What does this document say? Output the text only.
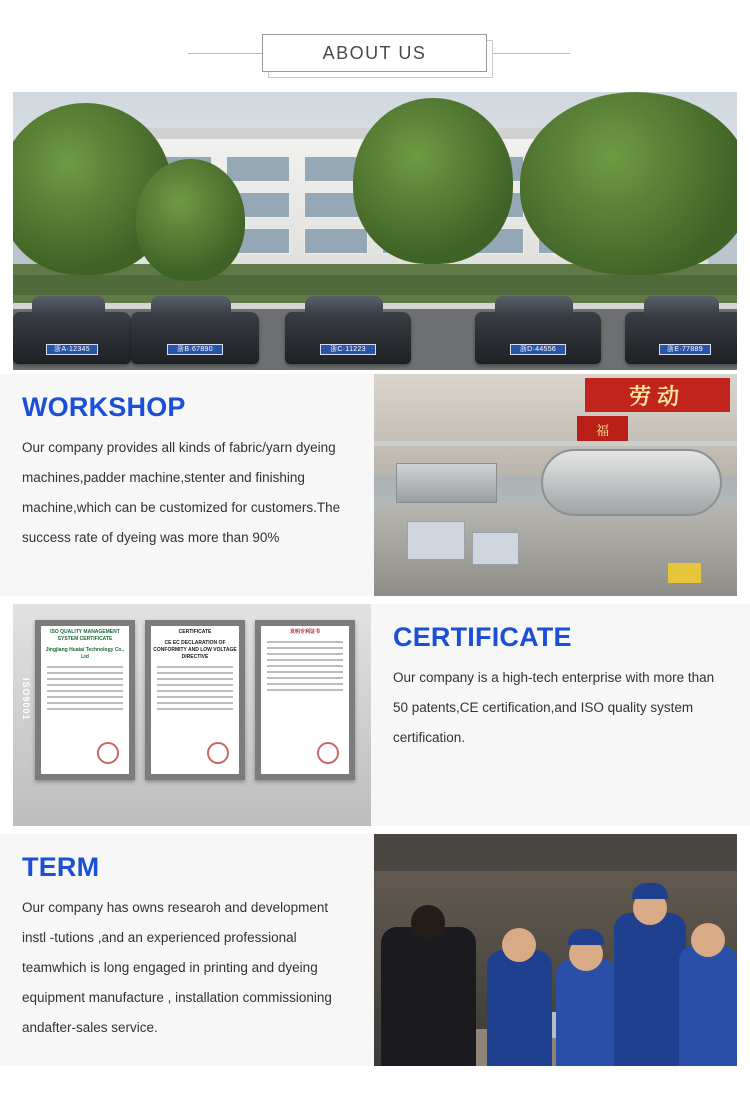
ABOUT US
浙A·12345	浙B·67890	浙C·11223	浙D·44556	浙E·77889
WORKSHOP
Our company provides all kinds of fabric/yarn dyeing machines,padder machine,stenter and finishing machine,which can be customized for customers.The success rate of dyeing was more than 90%
劳动
福
ISO9001
ISO QUALITY MANAGEMENT SYSTEM CERTIFICATE
Jingjiang Huatai Technology Co., Ltd
CERTIFICATE
CE EC DECLARATION OF CONFORMITY AND LOW VOLTAGE DIRECTIVE
发明专利证书	CERTIFICATE
Our company is a high-tech enterprise with more than 50 patents,CE certification,and ISO quality system certification.
TERM
Our company has owns researoh and development instl -tutions ,and an experienced professional teamwhich is long engaged in printing and dyeing equipment manufacture , installation commissioning andafter-sales service.
